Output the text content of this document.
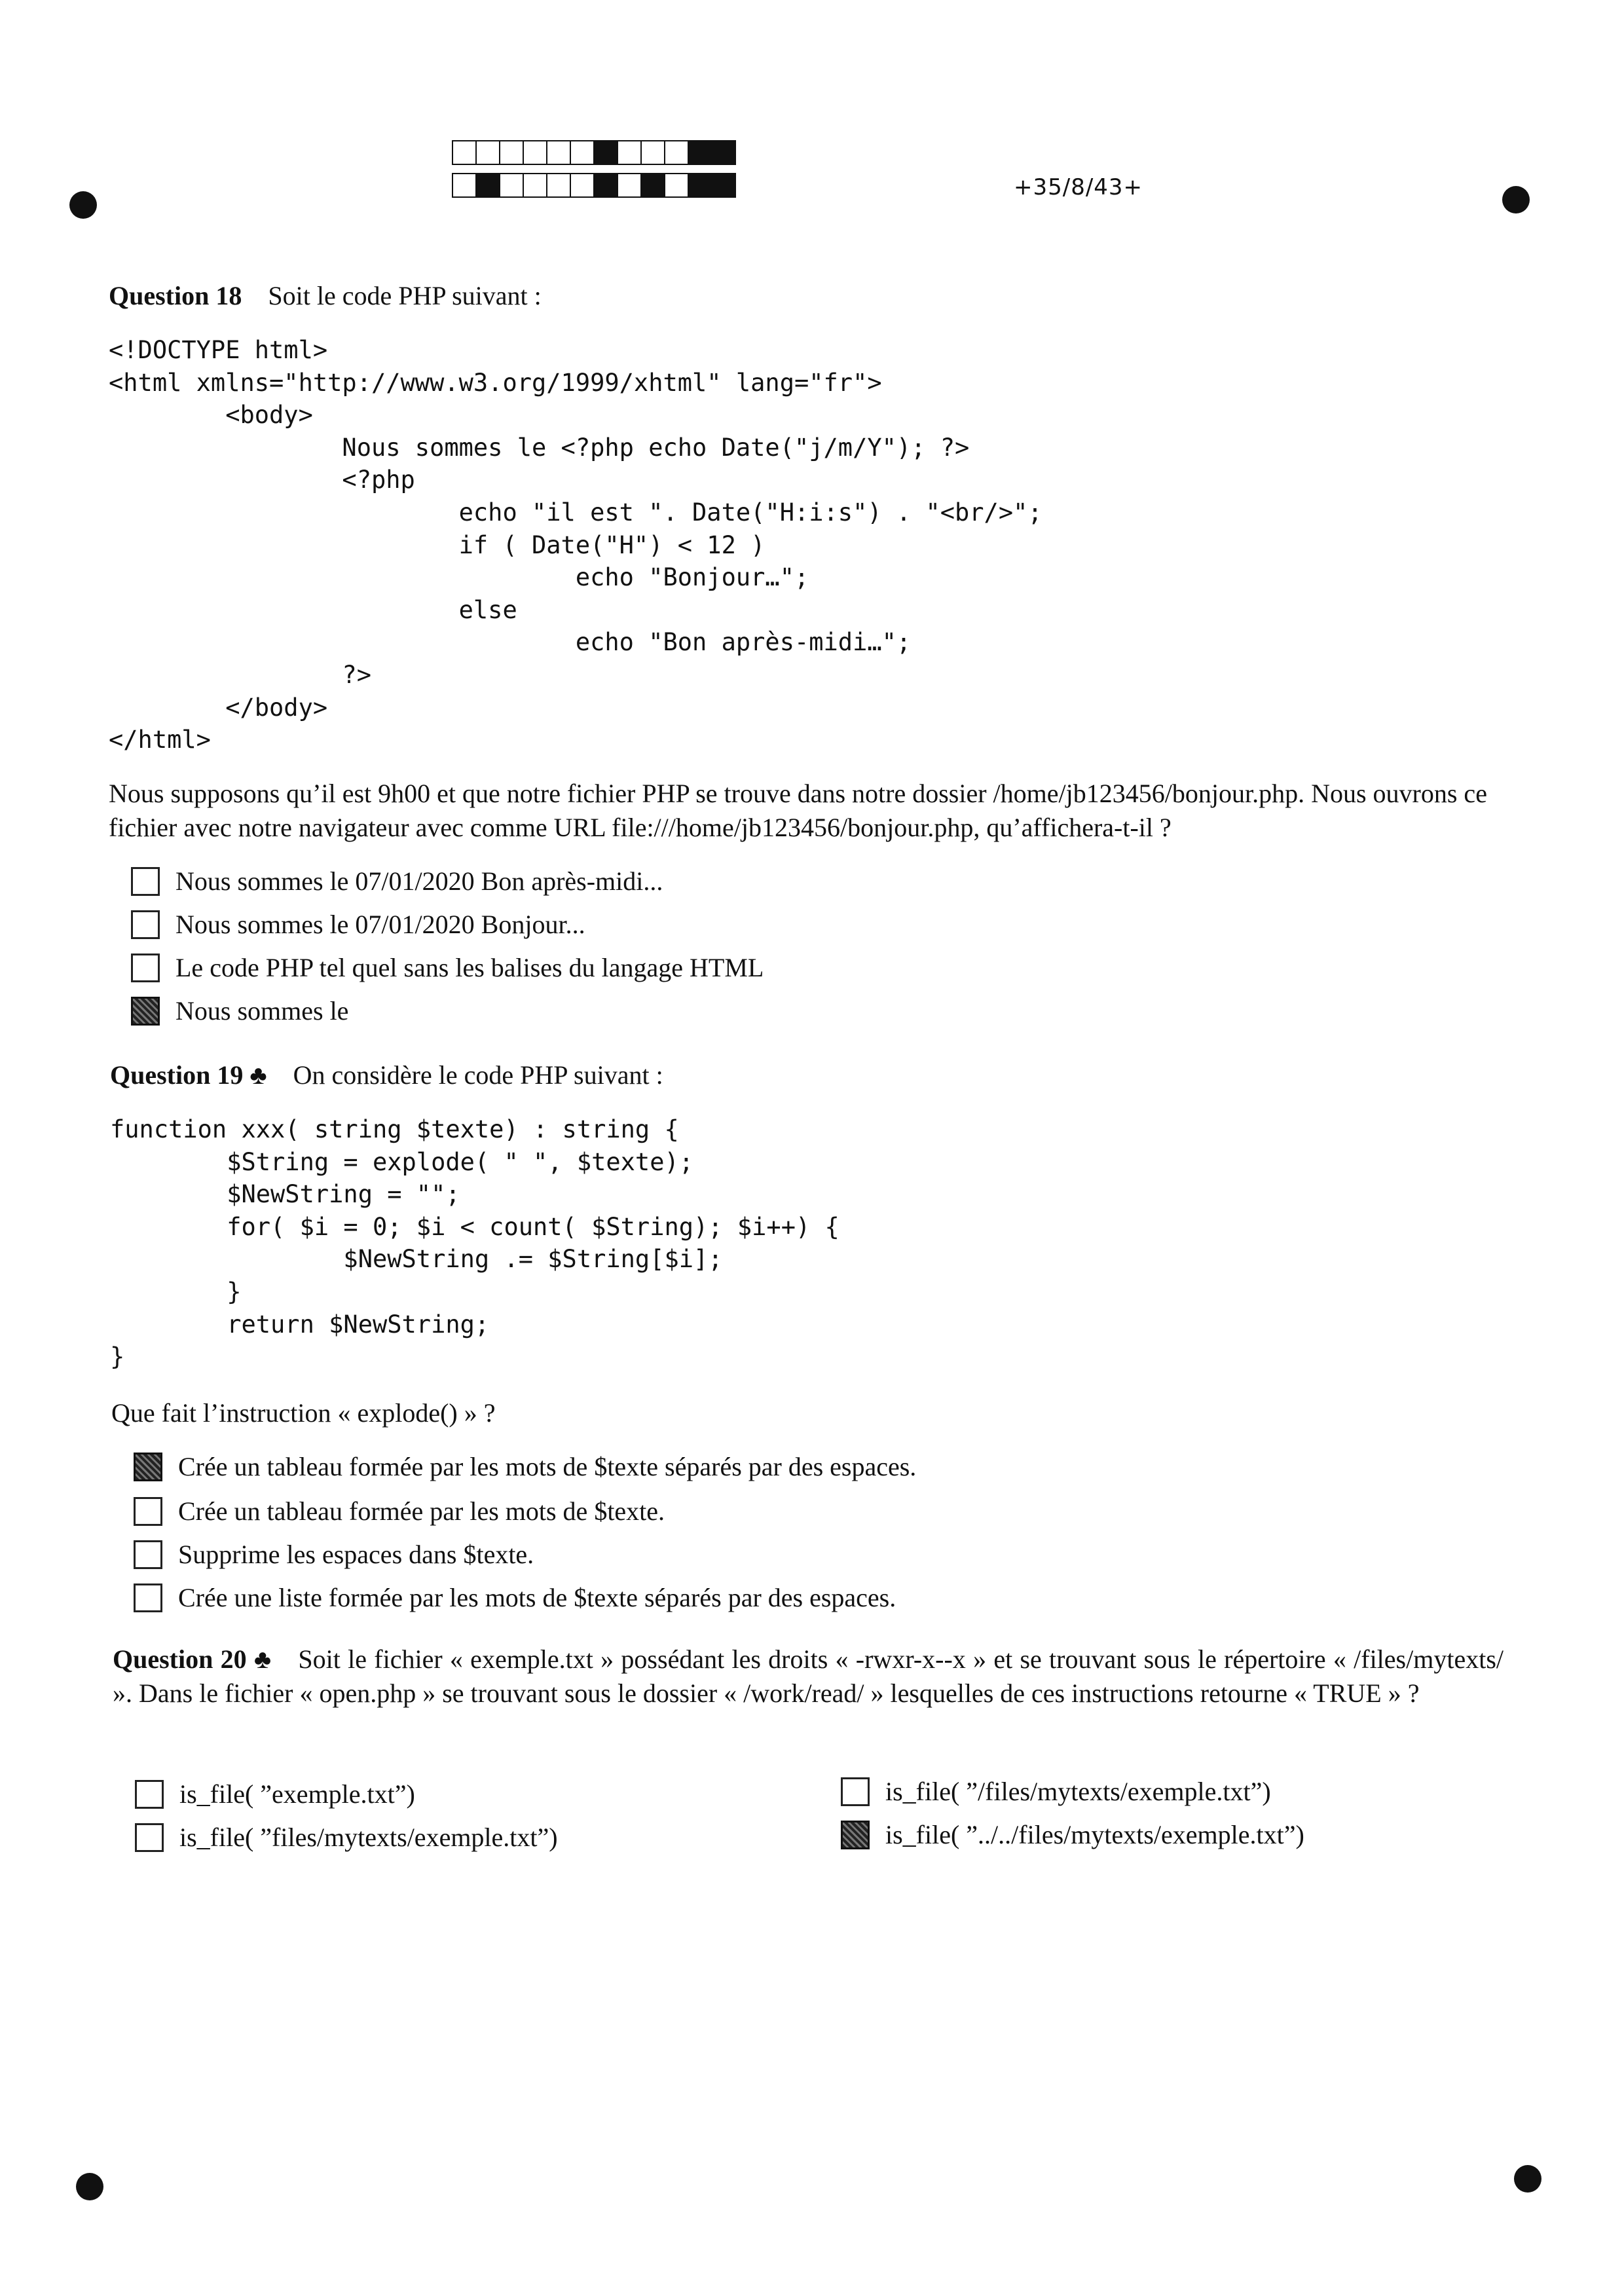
+35/8/43+
Question 18 Soit le code PHP suivant :
<!DOCTYPE html>
<html xmlns="http://www.w3.org/1999/xhtml" lang="fr">
<body>
Nous sommes le <?php echo Date("j/m/Y"); ?>
<?php
echo "il est ". Date("H:i:s") . "<br/>";
if ( Date("H") < 12 )
echo "Bonjour…";
else
echo "Bon après-midi…";
?>
</body>
</html>
Nous supposons qu’il est 9h00 et que notre fichier PHP se trouve dans notre dossier /home/jb123456/bonjour.php. Nous ouvrons ce fichier avec notre navigateur avec comme URL file:///home/jb123456/bonjour.php, qu’affichera-t-il ?
Nous sommes le 07/01/2020 Bon après-midi...
Nous sommes le 07/01/2020 Bonjour...
Le code PHP tel quel sans les balises du langage HTML
Nous sommes le
Question 19 ♣ On considère le code PHP suivant :
function xxx( string $texte) : string {
$String = explode( " ", $texte);
$NewString = "";
for( $i = 0; $i < count( $String); $i++) {
$NewString .= $String[$i];
}
return $NewString;
}
Que fait l’instruction « explode() » ?
Crée un tableau formée par les mots de $texte séparés par des espaces.
Crée un tableau formée par les mots de $texte.
Supprime les espaces dans $texte.
Crée une liste formée par les mots de $texte séparés par des espaces.
Question 20 ♣ Soit le fichier « exemple.txt » possédant les droits « -rwxr-x--x » et se trouvant sous le répertoire « /files/mytexts/ ». Dans le fichier « open.php » se trouvant sous le dossier « /work/read/ » lesquelles de ces instructions retourne « TRUE » ?
is_file( ”exemple.txt”)
is_file( ”files/mytexts/exemple.txt”)
is_file( ”/files/mytexts/exemple.txt”)
is_file( ”../../files/mytexts/exemple.txt”)
